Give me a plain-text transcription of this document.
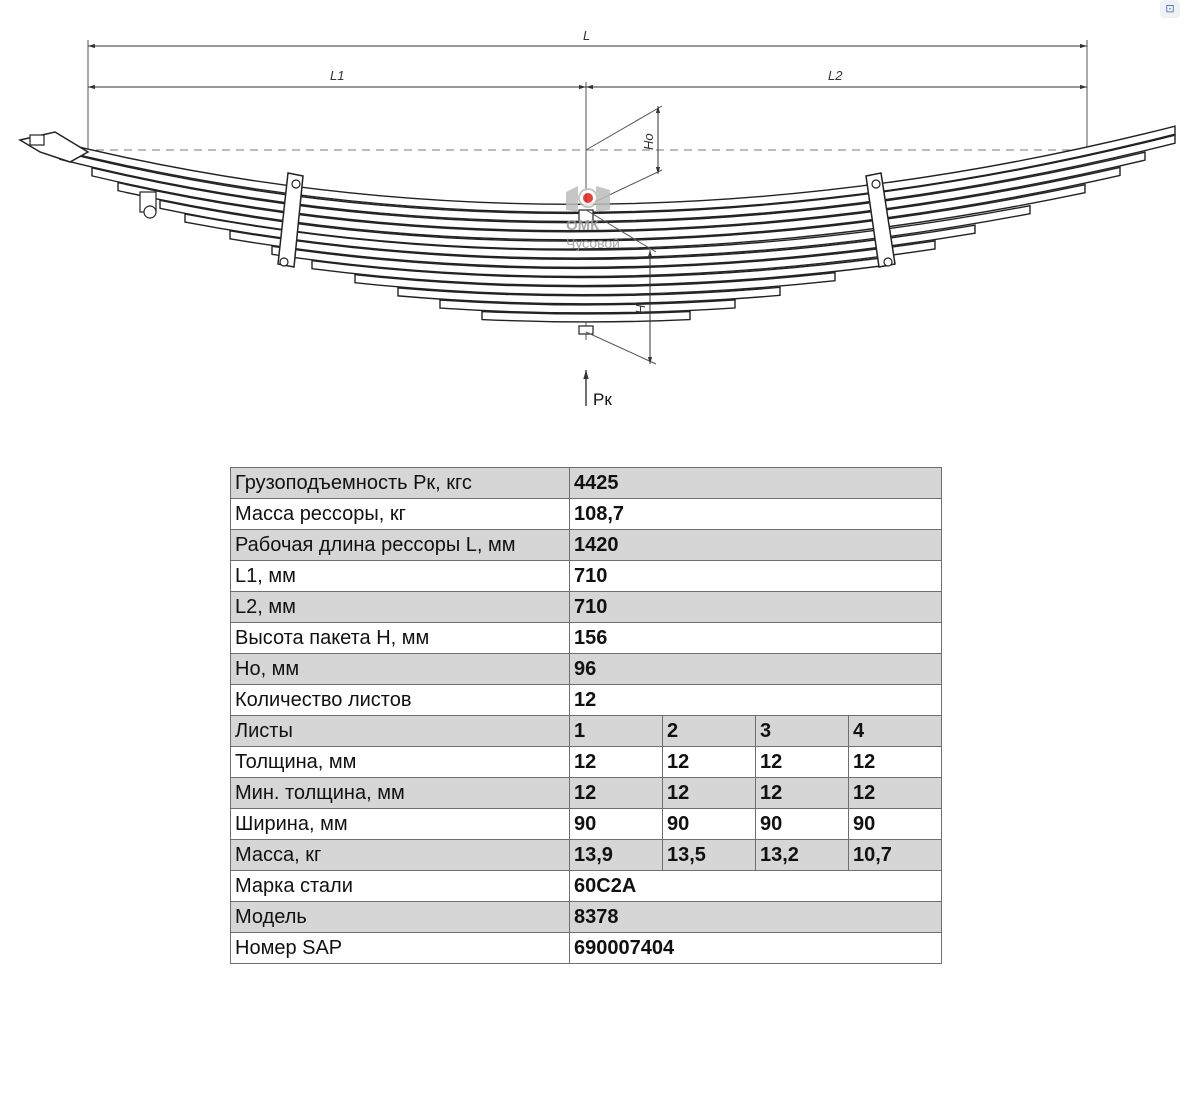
⊡
L
L1	L2
Ho
H
Pк
ОМК
Чусовой
Грузоподъемность Pк, кгс	4425			
Масса рессоры, кг	108,7			
Рабочая длина рессоры L, мм	1420			
L1, мм	710			
L2, мм	710			
Высота пакета H, мм	156			
Ho, мм	96			
Количество листов	12			
Листы	1	2	3	4
Толщина, мм	12	12	12	12
Мин. толщина, мм	12	12	12	12
Ширина, мм	90	90	90	90
Масса, кг	13,9	13,5	13,2	10,7
Марка стали	60С2А			
Модель	8378			
Номер SAP	690007404			
